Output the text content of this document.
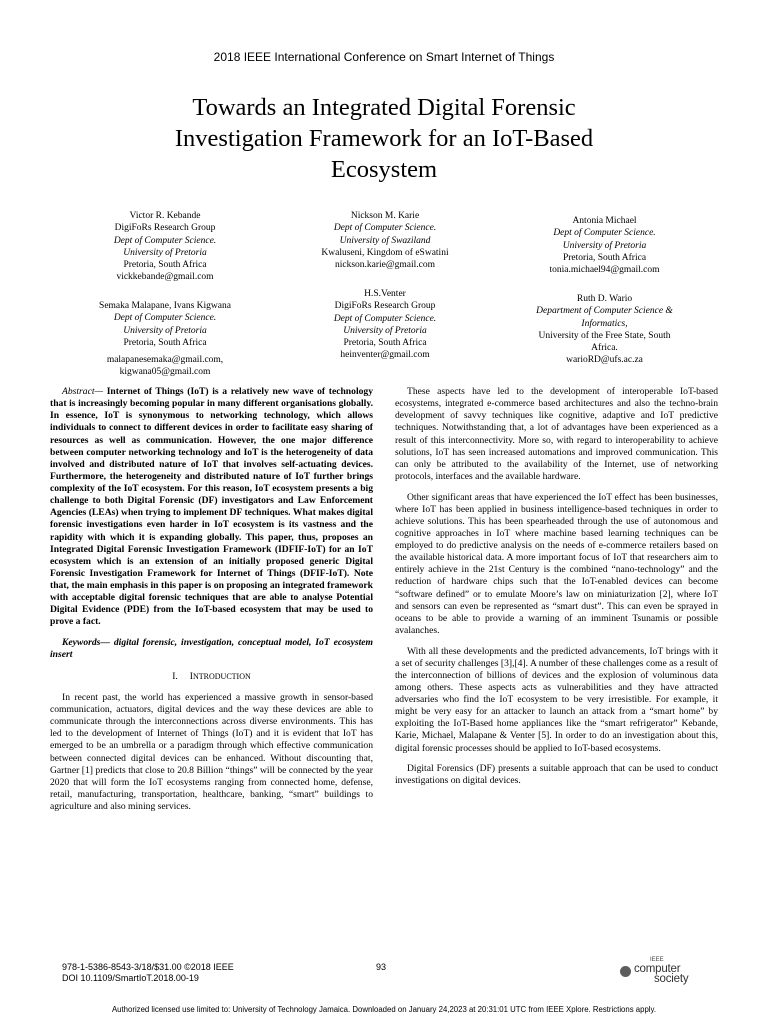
2018 IEEE International Conference on Smart Internet of Things
Towards an Integrated Digital Forensic
Investigation Framework for an IoT-Based
Ecosystem
Victor R. Kebande
DigiFoRs Research Group
Dept of Computer Science.
University of Pretoria
Pretoria, South Africa
vickkebande@gmail.com
Nickson M. Karie
Dept of Computer Science.
University of Swaziland
Kwaluseni, Kingdom of eSwatini
nickson.karie@gmail.com
Antonia Michael
Dept of Computer Science.
University of Pretoria
Pretoria, South Africa
tonia.michael94@gmail.com
Semaka Malapane, Ivans Kigwana
Dept of Computer Science.
University of Pretoria
Pretoria, South Africa
malapanesemaka@gmail.com,
kigwana05@gmail.com
H.S.Venter
DigiFoRs Research Group
Dept of Computer Science.
University of Pretoria
Pretoria, South Africa
heinventer@gmail.com
Ruth D. Wario
Department of Computer Science &
Informatics,
University of the Free State, South
Africa.
warioRD@ufs.ac.za

Abstract— Internet of Things (IoT) is a relatively new wave of technology that is increasingly becoming popular in many different organisations globally. In essence, IoT is synonymous to networking technology, which allows individuals to connect to different devices in order to facilitate easy sharing of resources as well as communication. However, the one major difference between computer networking technology and IoT is the heterogeneity of data involved and distributed nature of IoT that involves self-actuating devices. Furthermore, the heterogeneity and distributed nature of IoT further brings complexity of the IoT ecosystem. For this reason, IoT ecosystem presents a big challenge to both Digital Forensic (DF) investigators and Law Enforcement Agencies (LEAs) when trying to implement DF techniques. What makes digital forensic investigations even harder in IoT ecosystem is its vastness and the rapidity with which it is expanding globally. This paper, thus, proposes an Integrated Digital Forensic Investigation Framework (IDFIF-IoT) for an IoT ecosystem which is an extension of an initially proposed generic Digital Forensic Investigation Framework for Internet of Things (DFIF-IoT). Note that, the main emphasis in this paper is on proposing an integrated framework with acceptable digital forensic techniques that are able to analyse Potential Digital Evidence (PDE) from the IoT-based ecosystem that may be used to prove a fact.

Keywords— digital forensic, investigation, conceptual model, IoT ecosystem insert

I. INTRODUCTION

In recent past, the world has experienced a massive growth in sensor-based communication, actuators, digital devices and the way these devices are able to communicate through the interconnections across diverse environments. This has led to the development of Internet of Things (IoT) and it is evident that IoT has emerged to be an umbrella or a paradigm through which effective communication between connected digital devices can be enhanced. Without discounting that, Gartner [1] predicts that close to 20.8 Billion “things” will be connected by the year 2020 that will form the IoT ecosystems ranging from connected home, defense, retail, manufacturing, transportation, healthcare, banking, “smart” buildings to agriculture and also mining services.

These aspects have led to the development of interoperable IoT-based ecosystems, integrated e-commerce based architectures and also the techno-brain development of savvy techniques like cognitive, adaptive and IoT predictive techniques. Notwithstanding that, a lot of advantages have been experienced as a result of this interconnectivity. More so, with regard to interoperability to achieve solutions, IoT has seen increased automations and improved communication. This can only be attributed to the availability of the Internet, use of networking protocols, interfaces and the available hardware.

Other significant areas that have experienced the IoT effect has been businesses, where IoT has been applied in business intelligence-based techniques in order to achieve solutions. This has been spearheaded through the use of autonomous and cognitive approaches in IoT where machine based learning techniques can be employed to do predictive analysis on the needs of e-commerce retailers based on the available historical data. A more important focus of IoT that researchers aim to entirely achieve in the 21st Century is the combined “nano-technology” and the reduction of hardware chips such that the IoT-enabled devices can become “software defined” or to emulate Moore’s law on miniaturization [2], where IoT and sensors can even be represented as “smart dust”. This can even be sprayed in oceans to be able to provide a warning of an imminent Tsunamis or possible avalanches.

With all these developments and the predicted advancements, IoT brings with it a set of security challenges [3],[4]. A number of these challenges come as a result of the interconnection of billions of devices and the explosion of voluminous data among others. These aspects acts as vulnerabilities and they have attracted adversaries who find the IoT ecosystem to be very irresistible. For example, it might be very easy for an attacker to launch an attack from a “smart home” by exploiting the IoT-Based home appliances like the “smart refrigerator” Kebande, Karie, Michael, Malapane & Venter [5]. In order to do an investigation about this, digital forensic processes should be applied to IoT-based ecosystems.

Digital Forensics (DF) presents a suitable approach that can be used to conduct investigations on digital devices.

978-1-5386-8543-3/18/$31.00 ©2018 IEEE
DOI 10.1109/SmartIoT.2018.00-19
93
IEEE
computer
society
Authorized licensed use limited to: University of Technology Jamaica. Downloaded on January 24,2023 at 20:31:01 UTC from IEEE Xplore. Restrictions apply.
